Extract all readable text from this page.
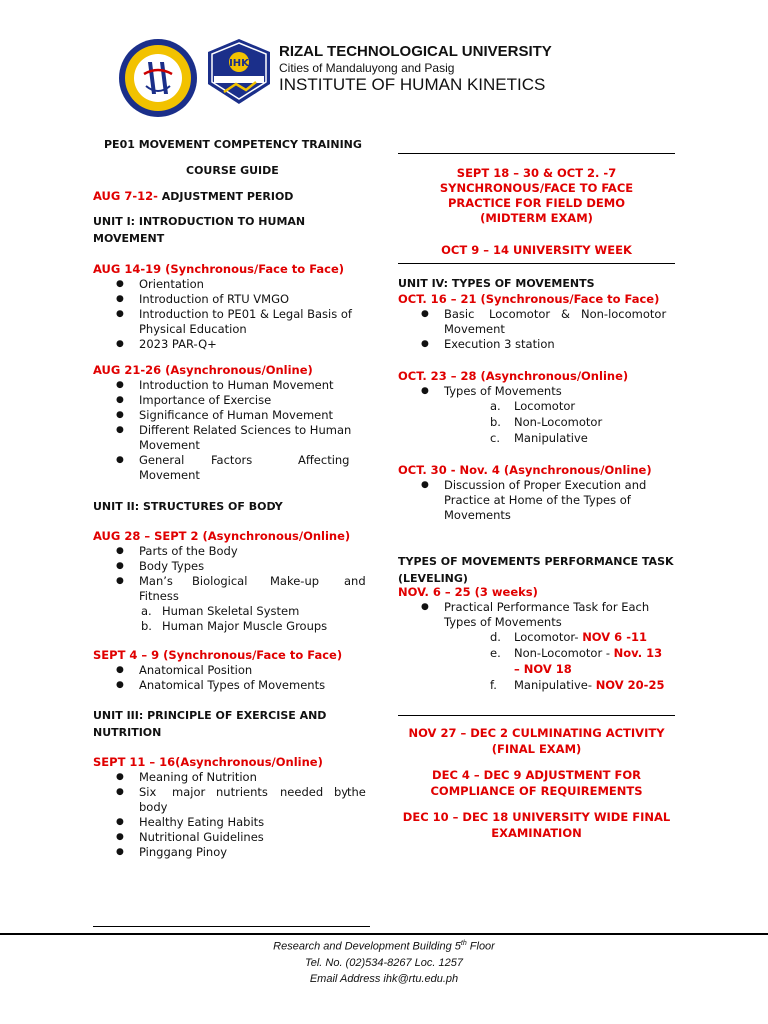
IHK
RIZAL TECHNOLOGICAL UNIVERSITY
Cities of Mandaluyong and Pasig
INSTITUTE OF HUMAN KINETICS
PE01 MOVEMENT COMPETENCY TRAINING
COURSE GUIDE
AUG 7-12- ADJUSTMENT PERIOD
UNIT I: INTRODUCTION TO HUMAN MOVEMENT
AUG 14-19 (Synchronous/Face to Face)
● Orientation
● Introduction of RTU VMGO
● Introduction to PE01 & Legal Basis of
Physical Education
● 2023 PAR-Q+
AUG 21-26 (Asynchronous/Online)
● Introduction to Human Movement
● Importance of Exercise
● Significance of Human Movement
● Different Related Sciences to Human
Movement
● General Factors	Affecting
Movement
UNIT II: STRUCTURES OF BODY
AUG 28 – SEPT 2 (Asynchronous/Online)
● Parts of the Body
● Body Types
● Man’s Biological Make-up and
Fitness
a. Human Skeletal System
b. Human Major Muscle Groups
SEPT 4 – 9 (Synchronous/Face to Face)
● Anatomical Position
● Anatomical Types of Movements
UNIT III: PRINCIPLE OF EXERCISE AND NUTRITION
SEPT 11 – 16(Asynchronous/Online)
● Meaning of Nutrition
● Six major nutrients needed by
the
body
● Healthy Eating Habits
● Nutritional Guidelines
● Pinggang Pinoy
SEPT 18 – 30 & OCT 2. -7
SYNCHRONOUS/FACE TO FACE
PRACTICE FOR FIELD DEMO
(MIDTERM EXAM)
OCT 9 – 14 UNIVERSITY WEEK
UNIT IV: TYPES OF MOVEMENTS
OCT. 16 – 21 (Synchronous/Face to Face)
● Basic Locomotor & Non-locomotor
Movement
● Execution 3 station
OCT. 23 – 28 (Asynchronous/Online)
● Types of Movements
a. Locomotor
b. Non-Locomotor
c. Manipulative
OCT. 30 - Nov. 4 (Asynchronous/Online)
● Discussion of Proper Execution and
Practice at Home of the Types of
Movements
TYPES OF MOVEMENTS PERFORMANCE TASK
(LEVELING)
NOV. 6 – 25 (3 weeks)
● Practical Performance Task for Each
Types of Movements
d. Locomotor- NOV 6 -11
e. Non-Locomotor - Nov. 13
– NOV 18
f. Manipulative- NOV 20-25
NOV 27 – DEC 2 CULMINATING ACTIVITY
(FINAL EXAM)
DEC 4 – DEC 9 ADJUSTMENT FOR
COMPLIANCE OF REQUIREMENTS
DEC 10 – DEC 18 UNIVERSITY WIDE FINAL
EXAMINATION
Research and Development Building 5th Floor
Tel. No. (02)534-8267 Loc. 1257
Email Address ihk@rtu.edu.ph
